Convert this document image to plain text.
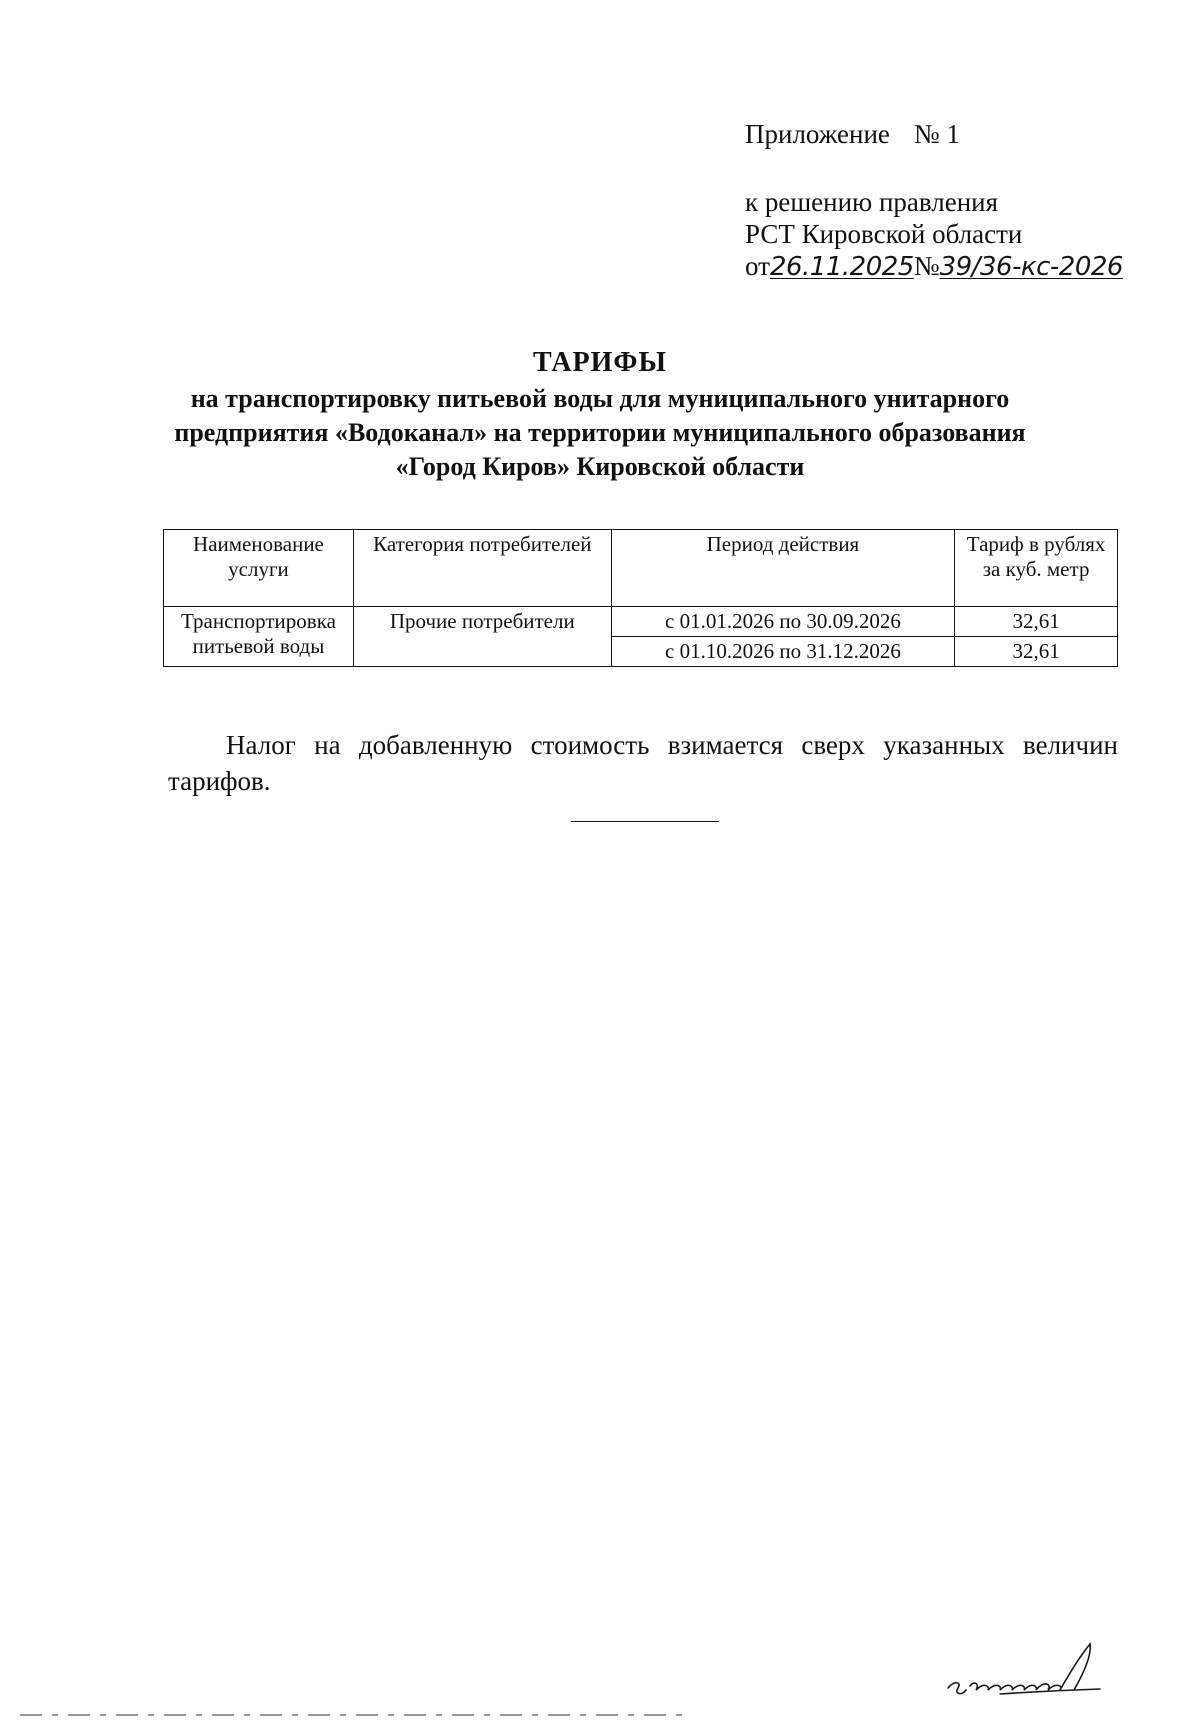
Приложение № 1
к решению правления
РСТ Кировской области
от26.11.2025№39/36-кс-2026
ТАРИФЫ
на транспортировку питьевой воды для муниципального унитарного
предприятия «Водоканал» на территории муниципального образования
«Город Киров» Кировской области
Наименование услуги	Категория потребителей	Период действия	Тариф в рублях за куб. метр
Транспортировка питьевой воды	Прочие потребители	с 01.01.2026 по 30.09.2026	32,61
		с 01.10.2026 по 31.12.2026	32,61

Налог на добавленную стоимость взимается сверх указанных величин тарифов.
